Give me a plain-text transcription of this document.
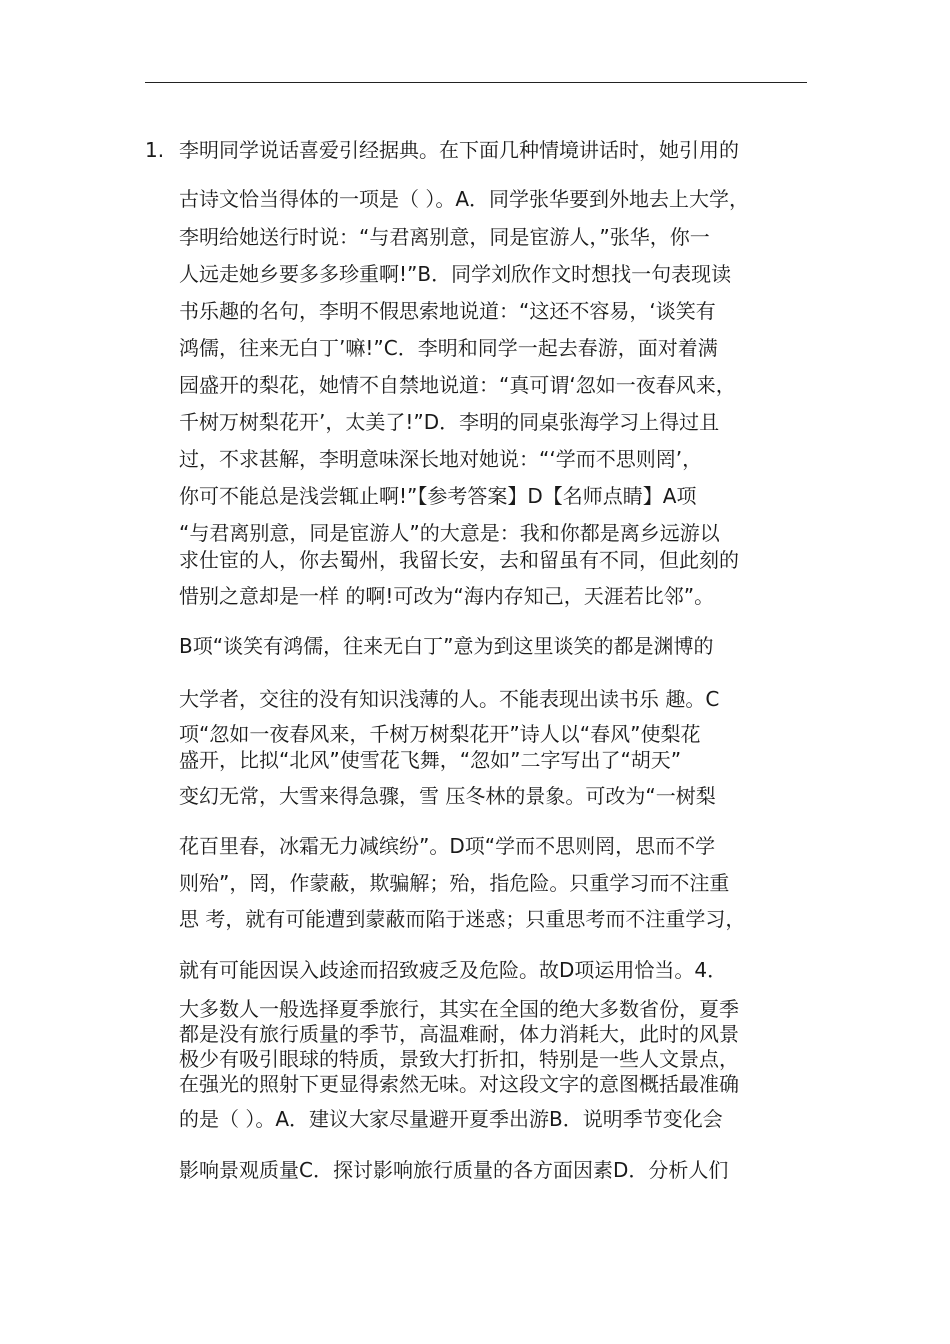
1. 李明同学说话喜爱引经据典。在下面几种情境讲话时，她引用的
古诗文恰当得体的一项是（ ）。A．同学张华要到外地去上大学，
李明给她送行时说：“与君离别意，同是宦游人，”张华，你一
人远走她乡要多多珍重啊!”B．同学刘欣作文时想找一句表现读
书乐趣的名句，李明不假思索地说道：“这还不容易，‘谈笑有
鸿儒，往来无白丁’嘛!”C．李明和同学一起去春游，面对着满
园盛开的梨花，她情不自禁地说道：“真可谓‘忽如一夜春风来，
千树万树梨花开’，太美了!”D．李明的同桌张海学习上得过且
过，不求甚解，李明意味深长地对她说：“‘学而不思则罔’，
你可不能总是浅尝辄止啊!”【参考答案】D【名师点睛】A项
“与君离别意，同是宦游人”的大意是：我和你都是离乡远游以
求仕宦的人，你去蜀州，我留长安，去和留虽有不同，但此刻的
惜别之意却是一样 的啊!可改为“海内存知己，天涯若比邻”。
B项“谈笑有鸿儒，往来无白丁”意为到这里谈笑的都是渊博的
大学者，交往的没有知识浅薄的人。不能表现出读书乐 趣。C
项“忽如一夜春风来，千树万树梨花开”诗人以“春风”使梨花
盛开，比拟“北风”使雪花飞舞，“忽如”二字写出了“胡天”
变幻无常，大雪来得急骤，雪 压冬林的景象。可改为“一树梨
花百里春，冰霜无力减缤纷”。D项“学而不思则罔，思而不学
则殆”，罔，作蒙蔽，欺骗解；殆，指危险。只重学习而不注重
思 考，就有可能遭到蒙蔽而陷于迷惑；只重思考而不注重学习，
就有可能因误入歧途而招致疲乏及危险。故D项运用恰当。4．
大多数人一般选择夏季旅行，其实在全国的绝大多数省份，夏季
都是没有旅行质量的季节，高温难耐，体力消耗大，此时的风景
极少有吸引眼球的特质，景致大打折扣，特别是一些人文景点，
在强光的照射下更显得索然无味。对这段文字的意图概括最准确
的是（ ）。A．建议大家尽量避开夏季出游B．说明季节变化会
影响景观质量C．探讨影响旅行质量的各方面因素D．分析人们
